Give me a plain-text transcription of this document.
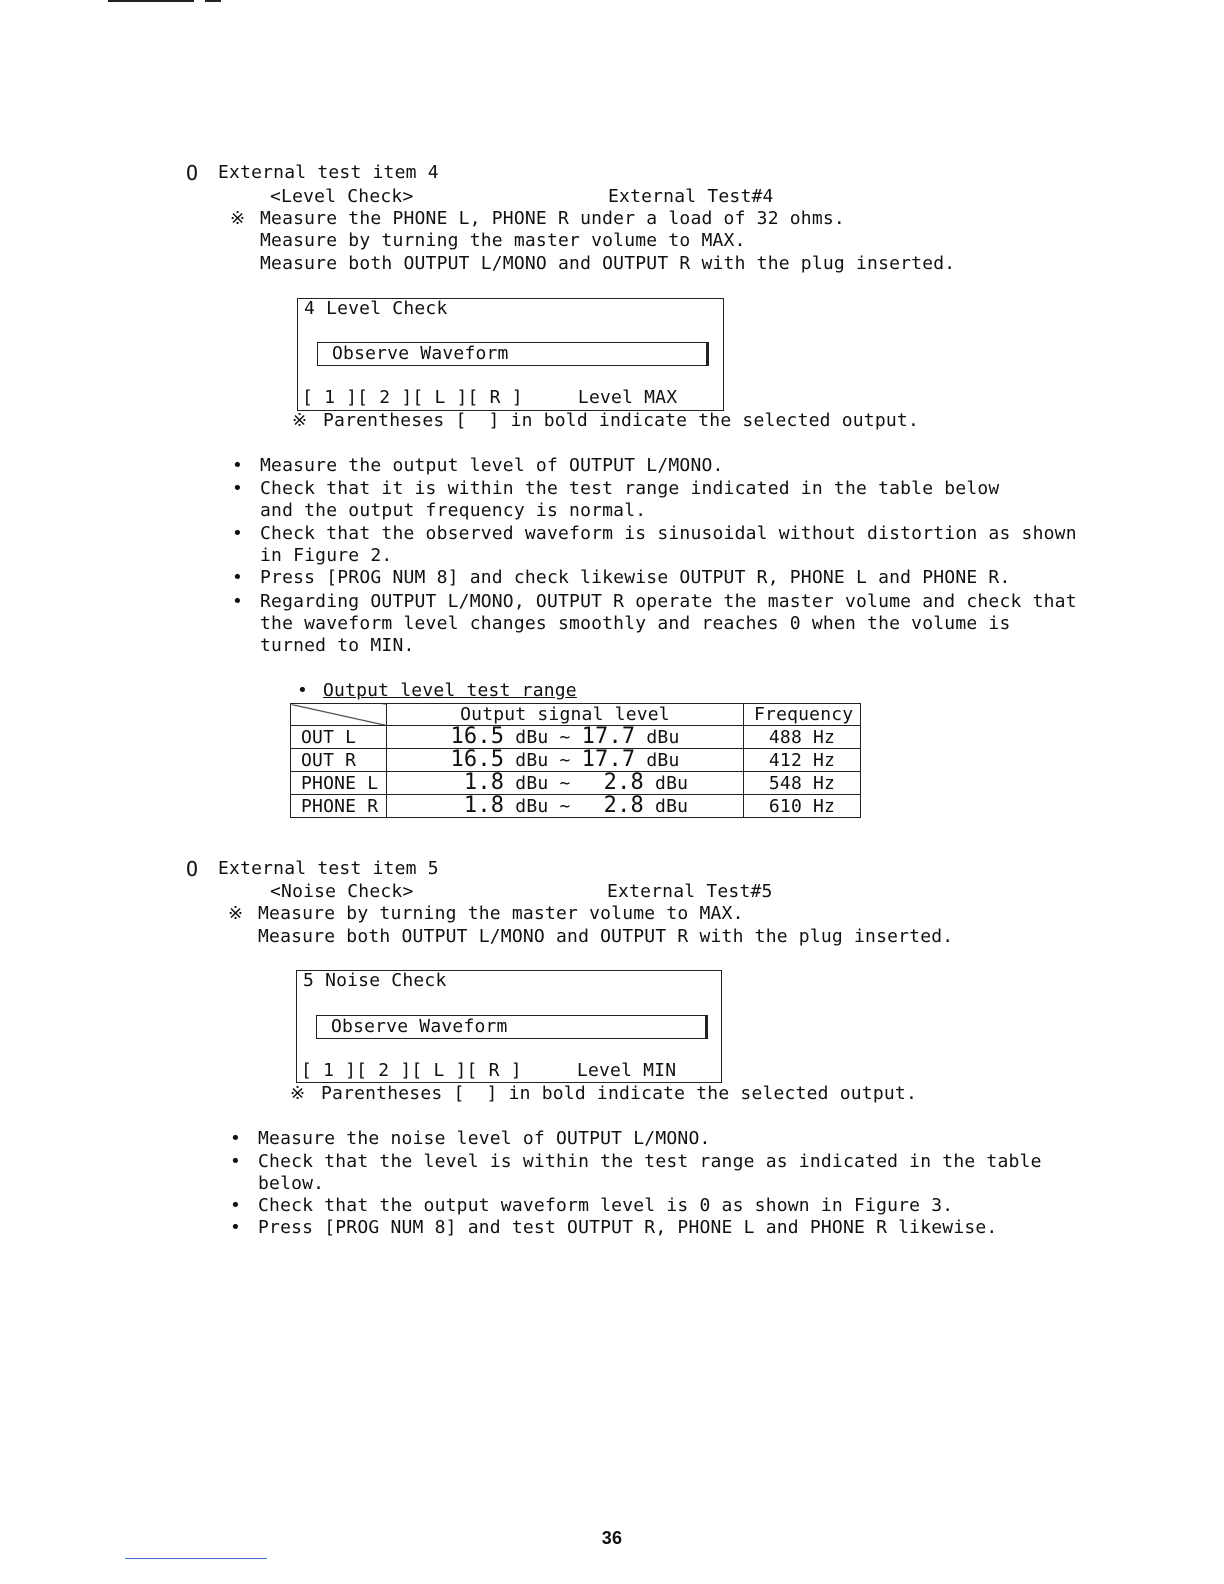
O External test item 4
<Level Check>	External Test#4
※ Measure the PHONE L, PHONE R under a load of 32 ohms.
Measure by turning the master volume to MAX.
Measure both OUTPUT L/MONO and OUTPUT R with the plug inserted.
4 Level Check
Observe Waveform
[ 1 ][ 2 ][ L ][ R ]     Level MAX
※ Parentheses [  ] in bold indicate the selected output.
• Measure the output level of OUTPUT L/MONO.
• Check that it is within the test range indicated in the table below
and the output frequency is normal.
• Check that the observed waveform is sinusoidal without distortion as shown
in Figure 2.
• Press [PROG NUM 8] and check likewise OUTPUT R, PHONE L and PHONE R.
• Regarding OUTPUT L/MONO, OUTPUT R operate the master volume and check that
the waveform level changes smoothly and reaches 0 when the volume is
turned to MIN.
• Output level test range
	Output signal level	Frequency
OUT L	16.5 dBu ~ 17.7 dBu	488 Hz
OUT R	16.5 dBu ~ 17.7 dBu	412 Hz
PHONE L	1.8 dBu ~ 2.8 dBu	548 Hz
PHONE R	1.8 dBu ~ 2.8 dBu	610 Hz
O External test item 5
<Noise Check>	External Test#5
※ Measure by turning the master volume to MAX.
Measure both OUTPUT L/MONO and OUTPUT R with the plug inserted.
5 Noise Check
Observe Waveform
[ 1 ][ 2 ][ L ][ R ]     Level MIN
※ Parentheses [  ] in bold indicate the selected output.
• Measure the noise level of OUTPUT L/MONO.
• Check that the level is within the test range as indicated in the table
below.
• Check that the output waveform level is 0 as shown in Figure 3.
• Press [PROG NUM 8] and test OUTPUT R, PHONE L and PHONE R likewise.
36
